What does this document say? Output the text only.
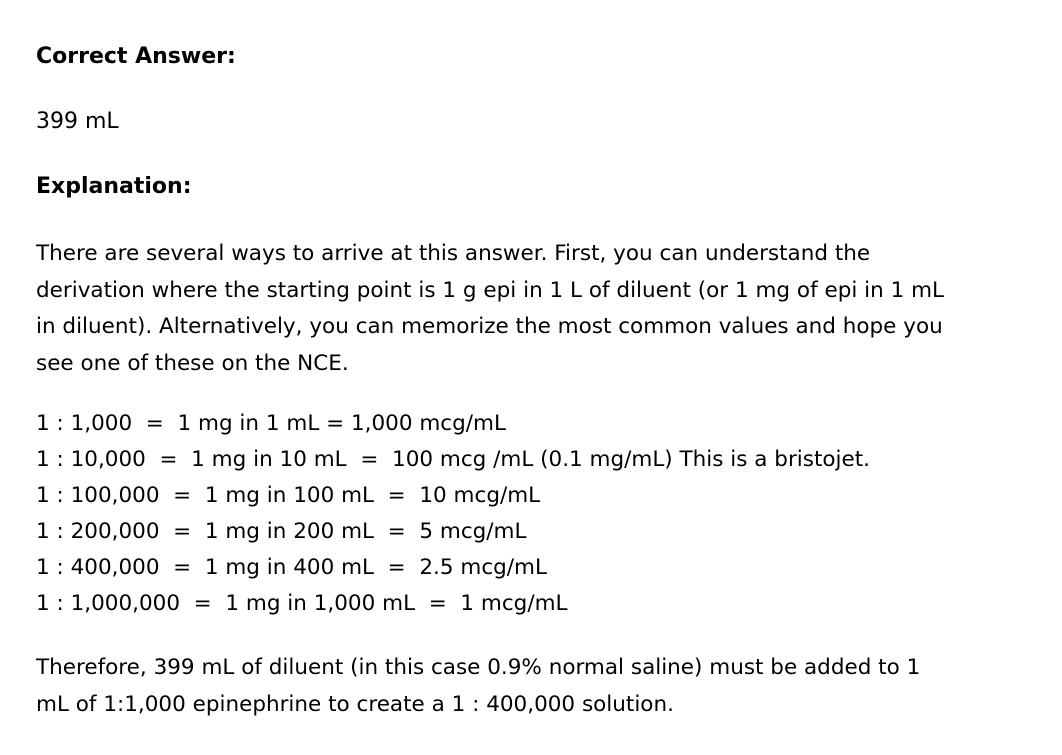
Correct Answer:

399 mL

Explanation:

There are several ways to arrive at this answer. First, you can understand the
derivation where the starting point is 1 g epi in 1 L of diluent (or 1 mg of epi in 1 mL
in diluent). Alternatively, you can memorize the most common values and hope you
see one of these on the NCE.

1 : 1,000  =  1 mg in 1 mL = 1,000 mcg/mL
1 : 10,000  =  1 mg in 10 mL  =  100 mcg /mL (0.1 mg/mL) This is a bristojet.
1 : 100,000  =  1 mg in 100 mL  =  10 mcg/mL
1 : 200,000  =  1 mg in 200 mL  =  5 mcg/mL
1 : 400,000  =  1 mg in 400 mL  =  2.5 mcg/mL
1 : 1,000,000  =  1 mg in 1,000 mL  =  1 mcg/mL

Therefore, 399 mL of diluent (in this case 0.9% normal saline) must be added to 1
mL of 1:1,000 epinephrine to create a 1 : 400,000 solution.
